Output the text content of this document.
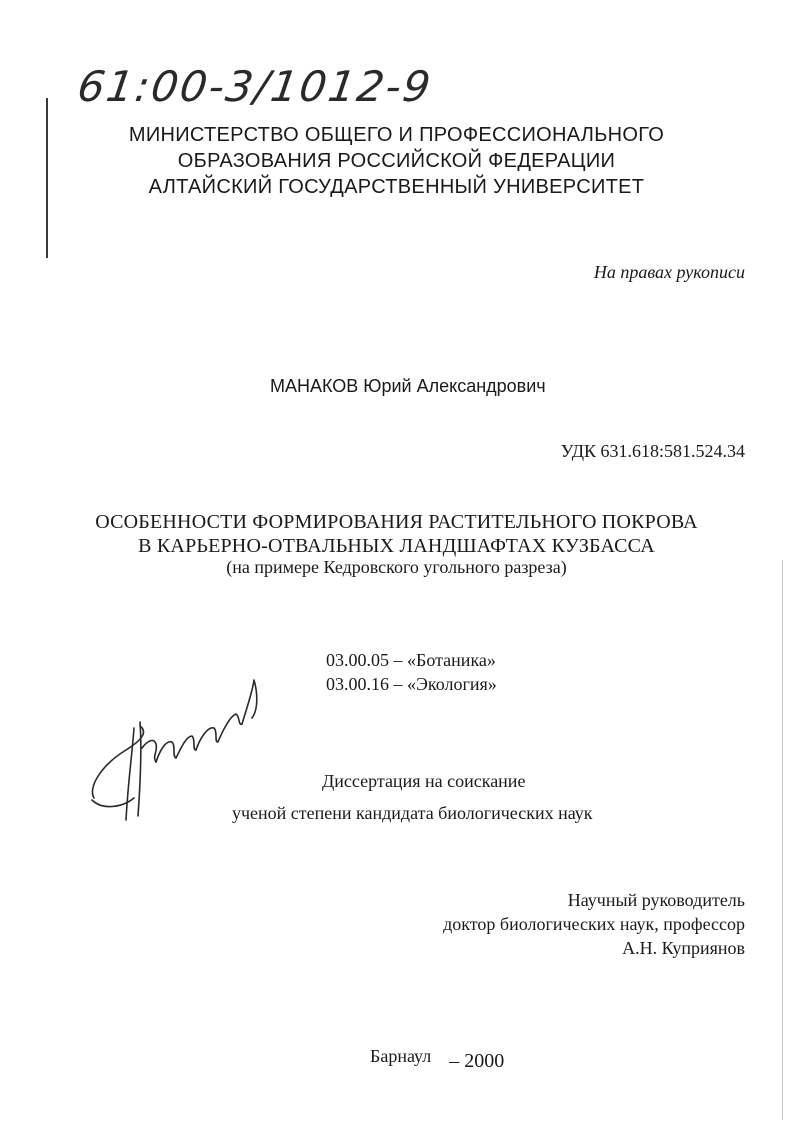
61:00-3/1012-9
МИНИСТЕРСТВО ОБЩЕГО И ПРОФЕССИОНАЛЬНОГО
ОБРАЗОВАНИЯ РОССИЙСКОЙ ФЕДЕРАЦИИ
АЛТАЙСКИЙ ГОСУДАРСТВЕННЫЙ УНИВЕРСИТЕТ
На правах рукописи
МАНАКОВ Юрий Александрович
УДК 631.618:581.524.34
ОСОБЕННОСТИ ФОРМИРОВАНИЯ РАСТИТЕЛЬНОГО ПОКРОВА
В КАРЬЕРНО-ОТВАЛЬНЫХ ЛАНДШАФТАХ КУЗБАССА
(на примере Кедровского угольного разреза)
03.00.05 – «Ботаника»
03.00.16 – «Экология»
Диссертация на соискание
ученой степени кандидата биологических наук
Научный руководитель
доктор биологических наук, профессор
А.Н. Куприянов
Барнаул – 2000
